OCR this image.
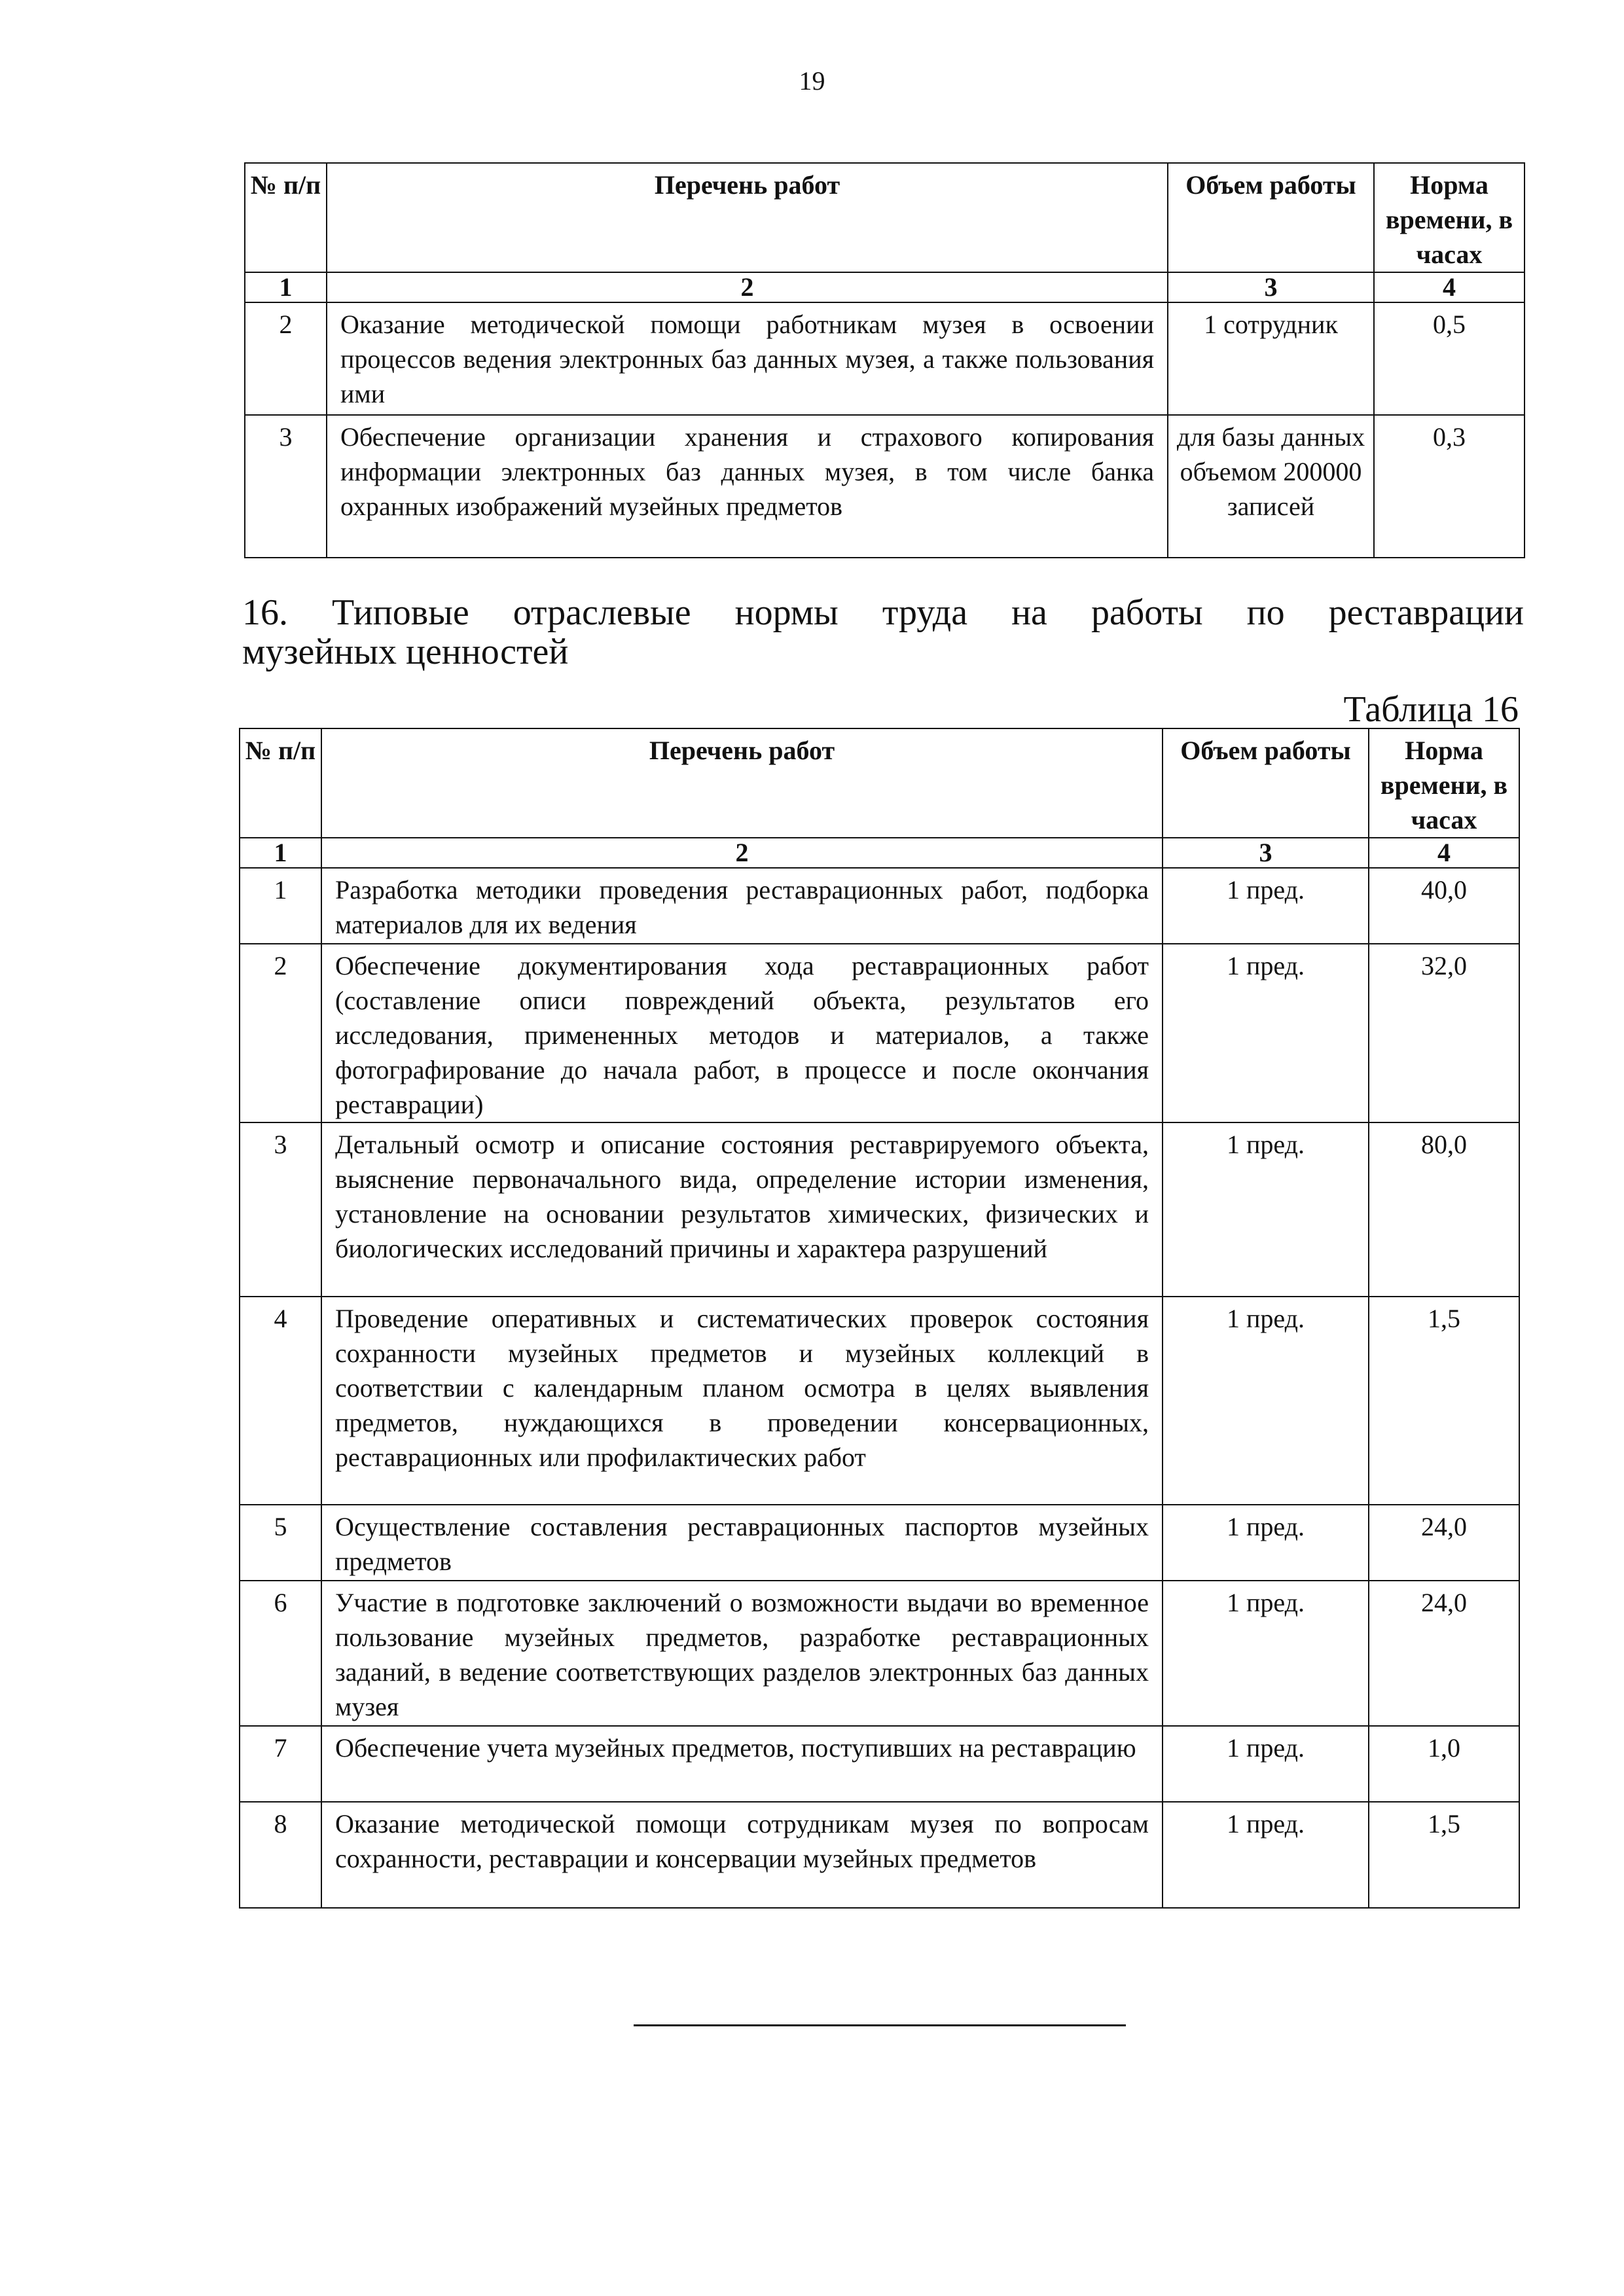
19
№ п/п	Перечень работ	Объем работы	Норма времени, в часах
1	2	3	4
2	Оказание методической помощи работникам музея в освоении процессов ведения электронных баз данных музея, а также пользования ими	1 сотрудник	0,5
3	Обеспечение организации хранения и страхового копирования информации электронных баз данных музея, в том числе банка охранных изображений музейных предметов	для базы данных объемом 200000 записей	0,3
16. Типовые отраслевые нормы труда на работы по реставрации
музейных ценностей
Таблица 16
№ п/п	Перечень работ	Объем работы	Норма времени, в часах
1	2	3	4
1	Разработка методики проведения реставрационных работ, подборка материалов для их ведения	1 пред.	40,0
2	Обеспечение документирования хода реставрационных работ (составление описи повреждений объекта, результатов его исследования, примененных методов и материалов, а также фотографирование до начала работ, в процессе и после окончания реставрации)	1 пред.	32,0
3	Детальный осмотр и описание состояния реставрируемого объекта, выяснение первоначального вида, определение истории изменения, установление на основании результатов химических, физических и биологических исследований причины и характера разрушений	1 пред.	80,0
4	Проведение оперативных и систематических проверок состояния сохранности музейных предметов и музейных коллекций в соответствии с календарным планом осмотра в целях выявления предметов, нуждающихся в проведении консервационных, реставрационных или профилактических работ	1 пред.	1,5
5	Осуществление составления реставрационных паспортов музейных предметов	1 пред.	24,0
6	Участие в подготовке заключений о возможности выдачи во временное пользование музейных предметов, разработке реставрационных заданий, в ведение соответствующих разделов электронных баз данных музея	1 пред.	24,0
7	Обеспечение учета музейных предметов, поступивших на реставрацию	1 пред.	1,0
8	Оказание методической помощи сотрудникам музея по вопросам сохранности, реставрации и консервации музейных предметов	1 пред.	1,5
